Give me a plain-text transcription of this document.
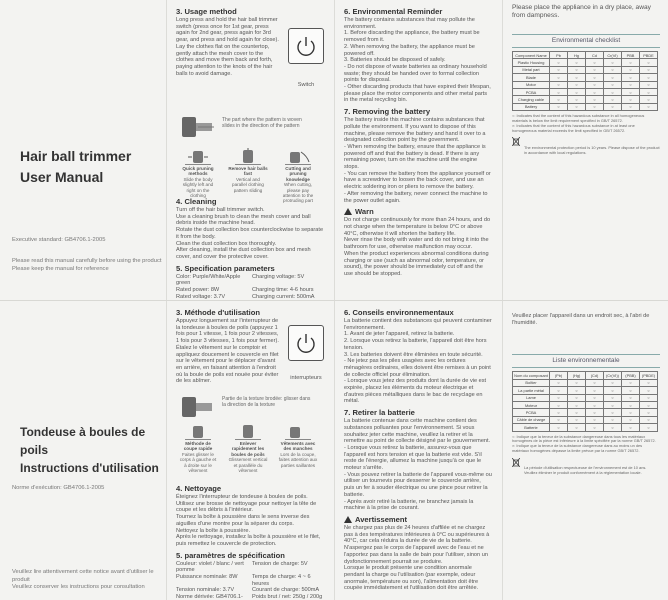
Hair ball trimmer
User Manual
Executive standard: GB4706.1-2005
Please read this manual carefully before using the product
Please keep the manual for reference
3. Usage method

Long press and hold the hair ball trimmer switch (press once for 1st gear, press again for 2nd gear, press again for 3rd gear, and press and hold again for close).
Lay the clothes flat on the countertop, gently attach the mesh cover to the clothes and move them back and forth, paying attention to the knots of the hair balls to avoid damage.

Switch
The part where the pattern is woven slides in the direction of the pattern
Quick pruning methods
Slide the body slightly left and right on the clothing
Remove hair balls fast
Vertical and parallel clothing pattern sliding
Cutting and pruning knowledge
When cutting, please pay attention to the protruding part
4. Cleaning

Turn off the hair ball trimmer switch.
Use a cleaning brush to clean the mesh cover and ball debris inside the machine head.
Rotate the dust collection box counterclockwise to separate it from the body.
Clean the dust collection box thoroughly.
After cleaning, install the dust collection box and mesh cover, and cover the protective cover.

5. Specification parameters
Color: Purple/White/Apple green
Charging voltage: 5V
Rated power: 8W	Charging time: 4-6 hours
Rated voltage: 3.7V	Charging current: 500mA
6. Environmental Reminder

The battery contains substances that may pollute the environment.
1. Before discarding the appliance, the battery must be removed from it.
2. When removing the battery, the appliance must be powered off.
3. Batteries should be disposed of safely.
- Do not dispose of waste batteries as ordinary household waste; they should be handed over to formal collection points for disposal.
- Other discarding products that have expired their lifespan, please place the motor components and other metal parts in the metal recycling bin.

7. Removing the battery

The battery inside this machine contains substances that pollute the environment. If you want to dispose of this machine, please remove the battery and hand it over to a designated collection point by the government.
- When removing the battery, ensure that the appliance is powered off and that the battery is dead. If there is any remaining power, turn on the machine until the engine stops.
- You can remove the battery from the appliance yourself or have a screwdriver to loosen the back cover, and use an electric soldering iron or pliers to remove the battery.
- After removing the battery, never connect the machine to the power outlet again.

Warn

Do not charge continuously for more than 24 hours, and do not charge when the temperature is below 0°C or above 40°C, otherwise it will shorten the battery life.
Never rinse the body with water and do not bring it into the bathroom for use, otherwise malfunction may occur.
When the product experiences abnormal conditions during charging or use (such as abnormal odor, temperature, or sound), the power should be immediately cut off and the use should be stopped.

Please place the appliance in a dry place, away from dampness.

Environmental checklist
Component Name	Pb	Hg	Cd	Cr(VI)	PBB	PBDE
Plastic Housing	○	○	○	○	○	○
Metal part	○	○	○	○	○	○
Blade	○	○	○	○	○	○
Motor	○	○	○	○	○	○
PCBA	○	○	○	○	○	○
Charging cable	○	○	○	○	○	○
Battery	○	○	○	○	○	○
○: Indicates that the content of this hazardous substance in all homogeneous materials is below the limit requirement specified in GB/T 26572.
×: Indicates that the content of this hazardous substance in at least one homogeneous material exceeds the limit specified in GB/T 26572.

The environmental protection period is 10 years. Please dispose of the product in accordance with local regulations.

Tondeuse à boules de poils
Instructions d'utilisation
Norme d'exécution: GB4706.1-2005
Veuillez lire attentivement cette notice avant d'utiliser le produit
Veuillez conserver les instructions pour consultation
3. Méthode d'utilisation

Appuyez longuement sur l'interrupteur de la tondeuse à boules de poils (appuyez 1 fois pour 1 vitesse, 1 fois pour 2 vitesses, 1 fois pour 3 vitesses, 1 fois pour fermer). Étalez le vêtement sur le comptoir et appliquez doucement le couvercle en filet sur le vêtement pour le déplacer d'avant en arrière, en faisant attention à l'endroit où la boule de poils est nouée pour éviter de les abîmer.

interrupteurs
Partie de la texture brodée: glisser dans la direction de la texture
Méthode de coupe rapide
Faites glisser le corps à gauche et à droite sur le vêtement
Enlever rapidement les boules de poils
Glissement vertical et parallèle du vêtement
Vêtements avec des manches
Lors de la coupe, faites attention aux parties saillantes
4. Nettoyage

Éteignez l'interrupteur de tondeuse à boules de poils.
Utilisez une brosse de nettoyage pour nettoyer la tête de coupe et les débris à l'intérieur.
Tournez la boîte à poussière dans le sens inverse des aiguilles d'une montre pour la séparer du corps.
Nettoyez la boîte à poussière.
Après le nettoyage, installez la boîte à poussière et le filet, puis remettez le couvercle de protection.

5. paramètres de spécification
Couleur: violet / blanc / vert pomme
Tension de charge: 5V
Puissance nominale: 8W	Temps de charge: 4 ~ 6 heures
Tension nominale: 3.7V	Courant de charge: 500mA
Norme dérivée: GB4706.1-	Poids brut / net: 250g / 200g
6. Conseils environnementaux

La batterie contient des substances qui peuvent contaminer l'environnement.
1. Avant de jeter l'appareil, retirez la batterie.
2. Lorsque vous retirez la batterie, l'appareil doit être hors tension.
3. Les batteries doivent être éliminées en toute sécurité.
- Ne jetez pas les piles usagées avec les ordures ménagères ordinaires, elles doivent être remises à un point de collecte officiel pour élimination.
- Lorsque vous jetez des produits dont la durée de vie est expirée, placez les éléments du moteur électrique et d'autres pièces métalliques dans le bac de recyclage en métal.

7. Retirer la batterie

La batterie contenue dans cette machine contient des substances polluantes pour l'environnement. Si vous souhaitez jeter cette machine, veuillez la retirer et la remettre au point de collecte désigné par le gouvernement.
- Lorsque vous retirez la batterie, assurez-vous que l'appareil est hors tension et que la batterie est vide. S'il reste de l'énergie, allumez la machine jusqu'à ce que le moteur s'arrête.
- Vous pouvez retirer la batterie de l'appareil vous-même ou utiliser un tournevis pour desserrer le couvercle arrière, puis un fer à souder électrique ou une pince pour retirer la batterie.
- Après avoir retiré la batterie, ne branchez jamais la machine à la prise de courant.

Avertissement

Ne chargez pas plus de 24 heures d'affilée et ne chargez pas à des températures inférieures à 0°C ou supérieures à 40°C, car cela réduira la durée de vie de la batterie. N'aspergez pas le corps de l'appareil avec de l'eau et ne l'apportez pas dans la salle de bain pour l'utiliser, sinon un dysfonctionnement pourrait se produire.
Lorsque le produit présente une condition anormale pendant la charge ou l'utilisation (par exemple, odeur anormale, température ou son), l'alimentation doit être coupée immédiatement et l'utilisation doit être arrêtée.

Veuillez placer l'appareil dans un endroit sec, à l'abri de l'humidité.

Liste environnementale
Nom du composant	(Pb)	(Hg)	(Cd)	(Cr(VI))	(PBB)	(PBDE)
Boîtier	○	○	○	○	○	○
La partie métal	○	○	○	○	○	○
Lame	○	○	○	○	○	○
Moteur	○	○	○	○	○	○
PCBA	○	○	○	○	○	○
Câble de charge	○	○	○	○	○	○
Batterie	○	○	○	○	○	○
○: Indique que la teneur de la substance dangereuse dans tous les matériaux homogènes de la pièce est inférieure à la limite spécifiée par la norme GB/T 26572.
×: Indique que la teneur de la substance dangereuse dans au moins un des matériaux homogènes dépasse la limite prévue par la norme GB/T 26572.

La période d'utilisation respectueuse de l'environnement est de 10 ans. Veuillez éliminer le produit conformément à la réglementation locale.
